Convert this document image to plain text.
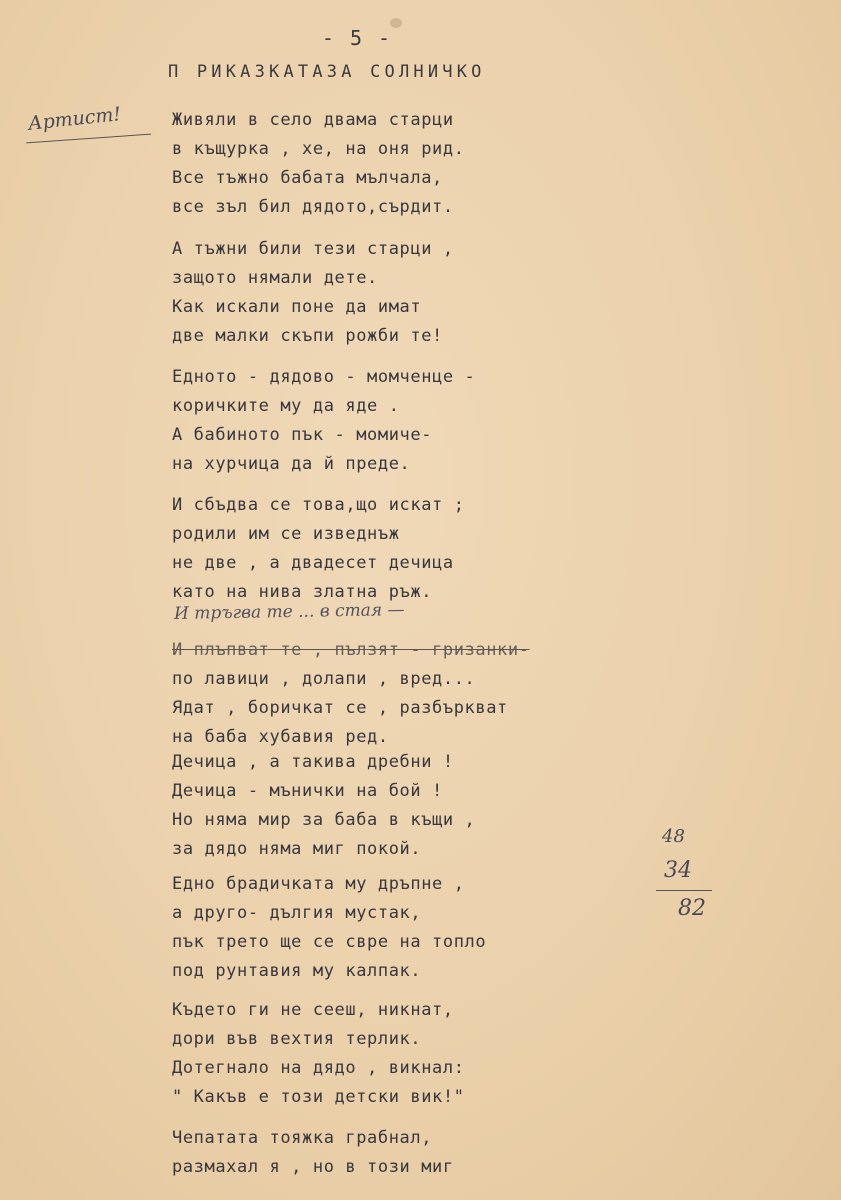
- 5 -
П РИКАЗКАТАЗА СОЛНИЧКО
Артист!	Живяли в село двама старци
в къщурка , хе, на оня рид.
Все тъжно бабата мълчала,
все зъл бил дядото,сърдит.
А тъжни били тези старци ,
защото нямали дете.
Как искали поне да имат
две малки скъпи рожби те!
Едното - дядово - момченце -
коричките му да яде .
А бабиното пък - момиче-
на хурчица да й преде.
И сбъдва се това,що искат ;
родили им се изведнъж
не две , а двадесет дечица
като на нива златна ръж.
И плъпват те , пълзят - гризанки-
по лавици , долапи , вред...
Ядат , боричкат се , разбъркват
на баба хубавия ред.
И тръгва те ... в стая —
Дечица , а такива дребни !
Дечица - мънички на бой !
Но няма мир за баба в къщи ,
за дядо няма миг покой.
Едно брадичката му дръпне ,
а друго- дългия мустак,
пък трето ще се свре на топло
под рунтавия му калпак.
Където ги не сееш, никнат,
дори във вехтия терлик.
Дотегнало на дядо , викнал:
" Какъв е този детски вик!"
Чепатата тояжка грабнал,
размахал я , но в този миг
48
34
82
